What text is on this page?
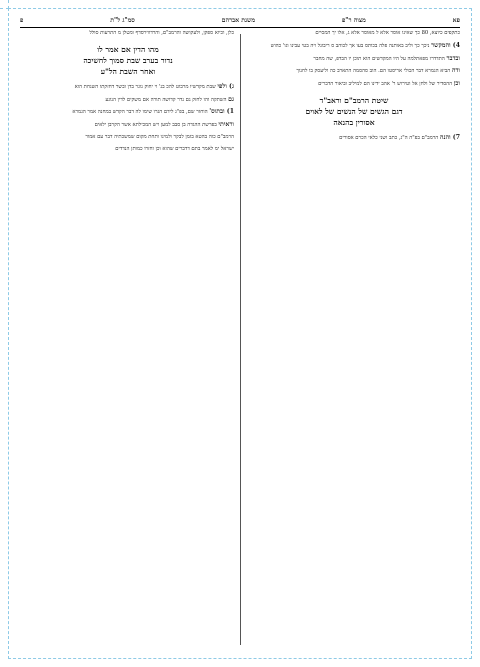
פא
מצוה ר"פ
משנת אברהם
סמ"ג ל"ת
פ

כתקפים כיוצא, 80 כך שאינו אוסר אלא ל מאוסר אלא ג, אלו יך המסיים

4) והמקשר ניכך כך וליב באותנה פלה בכותס בעו אך לכוהב ס ריבונל ויה בטי עבינו וגו' כהוש

ובדבר התדדרו מפאתלמה על היו המקדשים הוא תוכן יו הבדפ, שה מחבר

ודה הביא הגמרא דבר הכולי אריסטו הם. הוב סהסמה התארב כה וליעסק בו לחנוך

וכן ההסדיר של ולחן אל וטירוש ר' אהב ידינו הם למיליב וביאור הדברים

שיטת הרמב"ם וראב"ד
דגם הגשים של הנשים של לאוים
אסורין בהנאה

7) והנה הרמב"ם בפ"ה ה"ג, כתב ושני כלאי הכרם אסורים

כלן, וכיוא ספקן, ולעקושה והרמב"ם, והרדווירסדף ומטלן מ התרעות סולל

מהו הדין אם אמר לו
נדור בערב שבת סמוך לחשיכה
ואחר השבת הל"ע

ג) ולפי שבת מקדשיו מרבוט להכ בנ' וי יחוק נוגר בדן ובשר דחזקתו השגחת הוא

גם השתקה והו לחזק גם נדר קדושה תורה אם משקים לדין הנוגע

1) ובתוס' הוחזר שם, בפ"ג לידם הגרו שימו לה דבר הקדש במחנה אמר הגמרא

וראיתי בפרשת ההגדה בן סבב למען ויש המכילתא אשר הקרבן ילאים

הרמב"ם כוה בהטא בזמן לבקר ולמינו ותחת מקום שמשכתיה דבר עם אמור

ישראל ימ לאמר בתם דדברים שהוא וכן וחזרו כמותן הנדדים
